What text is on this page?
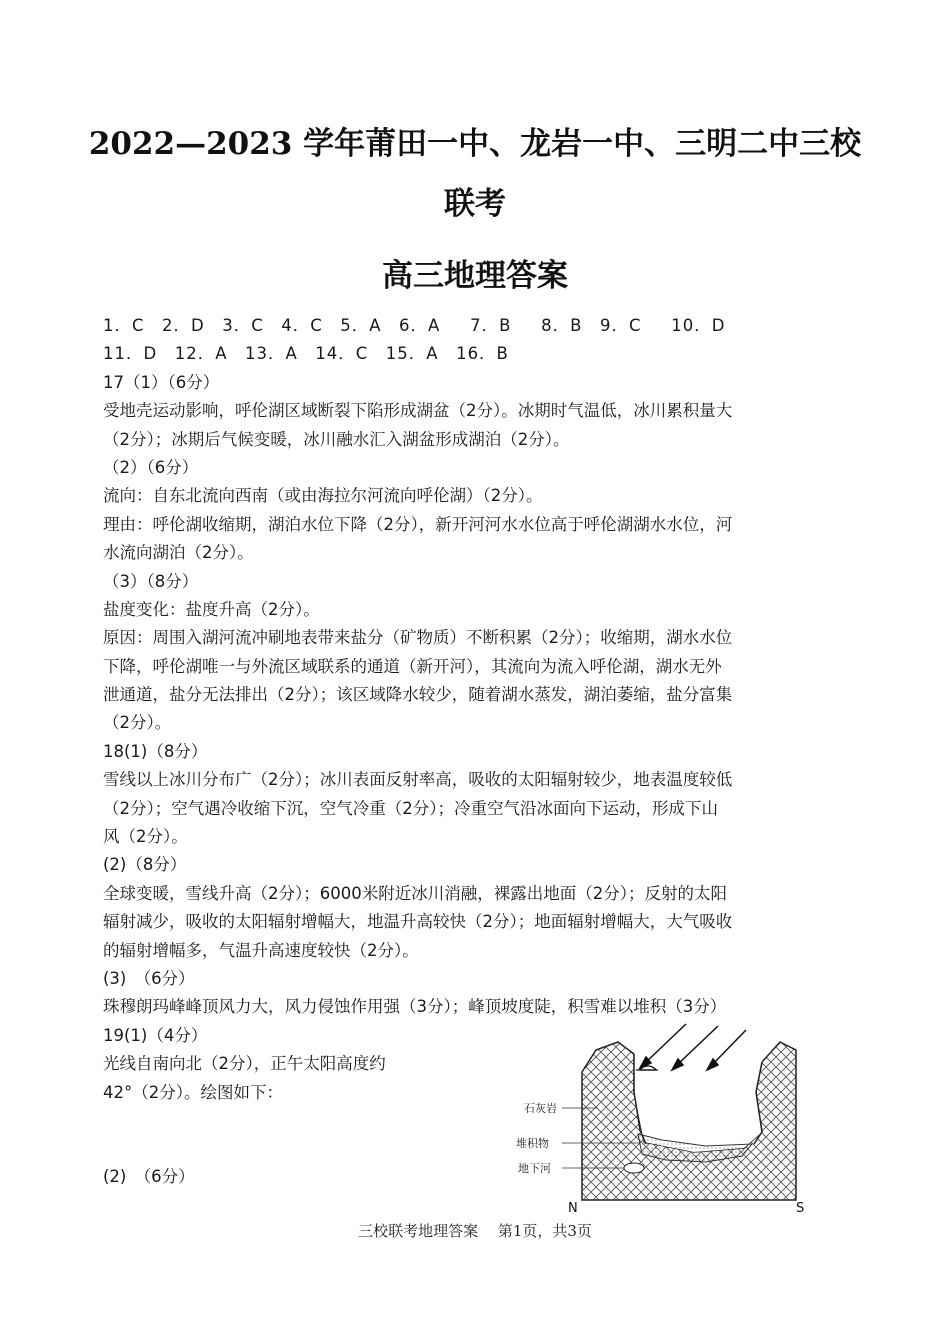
2022—2023 学年莆田一中、龙岩一中、三明二中三校
联考
高三地理答案
1．C　2．D　3．C　4．C　5．A　6．A　 7．B　 8．B　9．C　 10．D
11．D　12．A　13．A　14．C　15．A　16．B
17（1）（6分）
受地壳运动影响，呼伦湖区域断裂下陷形成湖盆（2分）。冰期时气温低，冰川累积量大
（2分）；冰期后气候变暖，冰川融水汇入湖盆形成湖泊（2分）。
（2）（6分）
流向：自东北流向西南（或由海拉尔河流向呼伦湖）（2分）。
理由：呼伦湖收缩期，湖泊水位下降（2分），新开河河水水位高于呼伦湖湖水水位，河
水流向湖泊（2分）。
（3）（8分）
盐度变化：盐度升高（2分）。
原因：周围入湖河流冲刷地表带来盐分（矿物质）不断积累（2分）；收缩期，湖水水位
下降，呼伦湖唯一与外流区域联系的通道（新开河），其流向为流入呼伦湖，湖水无外
泄通道，盐分无法排出（2分）；该区域降水较少，随着湖水蒸发，湖泊萎缩，盐分富集
（2分）。
18(1)（8分）
雪线以上冰川分布广（2分）；冰川表面反射率高，吸收的太阳辐射较少，地表温度较低
（2分）；空气遇冷收缩下沉，空气冷重（2分）；冷重空气沿冰面向下运动，形成下山
风（2分）。
(2)（8分）
全球变暖，雪线升高（2分）；6000米附近冰川消融，裸露出地面（2分）；反射的太阳
辐射减少，吸收的太阳辐射增幅大，地温升高较快（2分）；地面辐射增幅大，大气吸收
的辐射增幅多，气温升高速度较快（2分）。
(3)　（6分）
珠穆朗玛峰峰顶风力大，风力侵蚀作用强（3分）；峰顶坡度陡，积雪难以堆积（3分）
19(1)（4分）
光线自南向北（2分），正午太阳高度约
42°（2分）。绘图如下：
(2)　（6分）
石灰岩
堆积物
地下河
N	S
三校联考地理答案　 第1页，共3页
